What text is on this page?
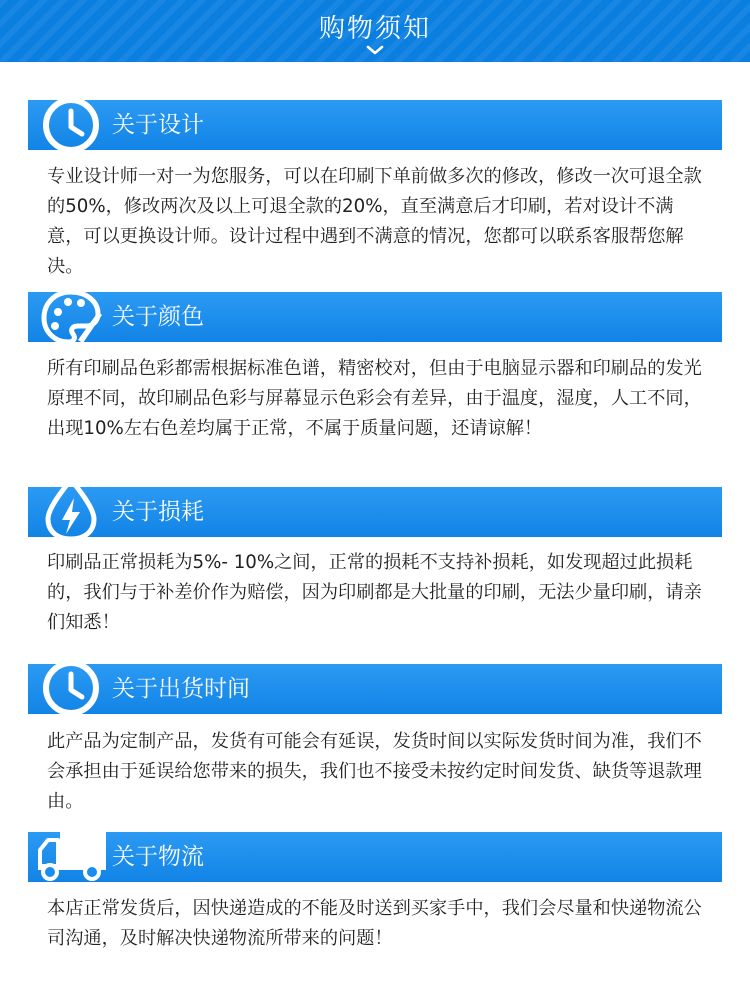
购物须知
关于设计
专业设计师一对一为您服务，可以在印刷下单前做多次的修改，修改一次可退全款的50%，修改两次及以上可退全款的20%，直至满意后才印刷，若对设计不满意，可以更换设计师。设计过程中遇到不满意的情况，您都可以联系客服帮您解决。
关于颜色
所有印刷品色彩都需根据标准色谱，精密校对，但由于电脑显示器和印刷品的发光原理不同，故印刷品色彩与屏幕显示色彩会有差异，由于温度，湿度，人工不同，出现10%左右色差均属于正常，不属于质量问题，还请谅解！
关于损耗
印刷品正常损耗为5%- 10%之间，正常的损耗不支持补损耗，如发现超过此损耗的，我们与于补差价作为赔偿，因为印刷都是大批量的印刷，无法少量印刷，请亲们知悉！
关于出货时间
此产品为定制产品，发货有可能会有延误，发货时间以实际发货时间为准，我们不会承担由于延误给您带来的损失，我们也不接受未按约定时间发货、缺货等退款理由。
关于物流
本店正常发货后，因快递造成的不能及时送到买家手中，我们会尽量和快递物流公司沟通，及时解决快递物流所带来的问题！
